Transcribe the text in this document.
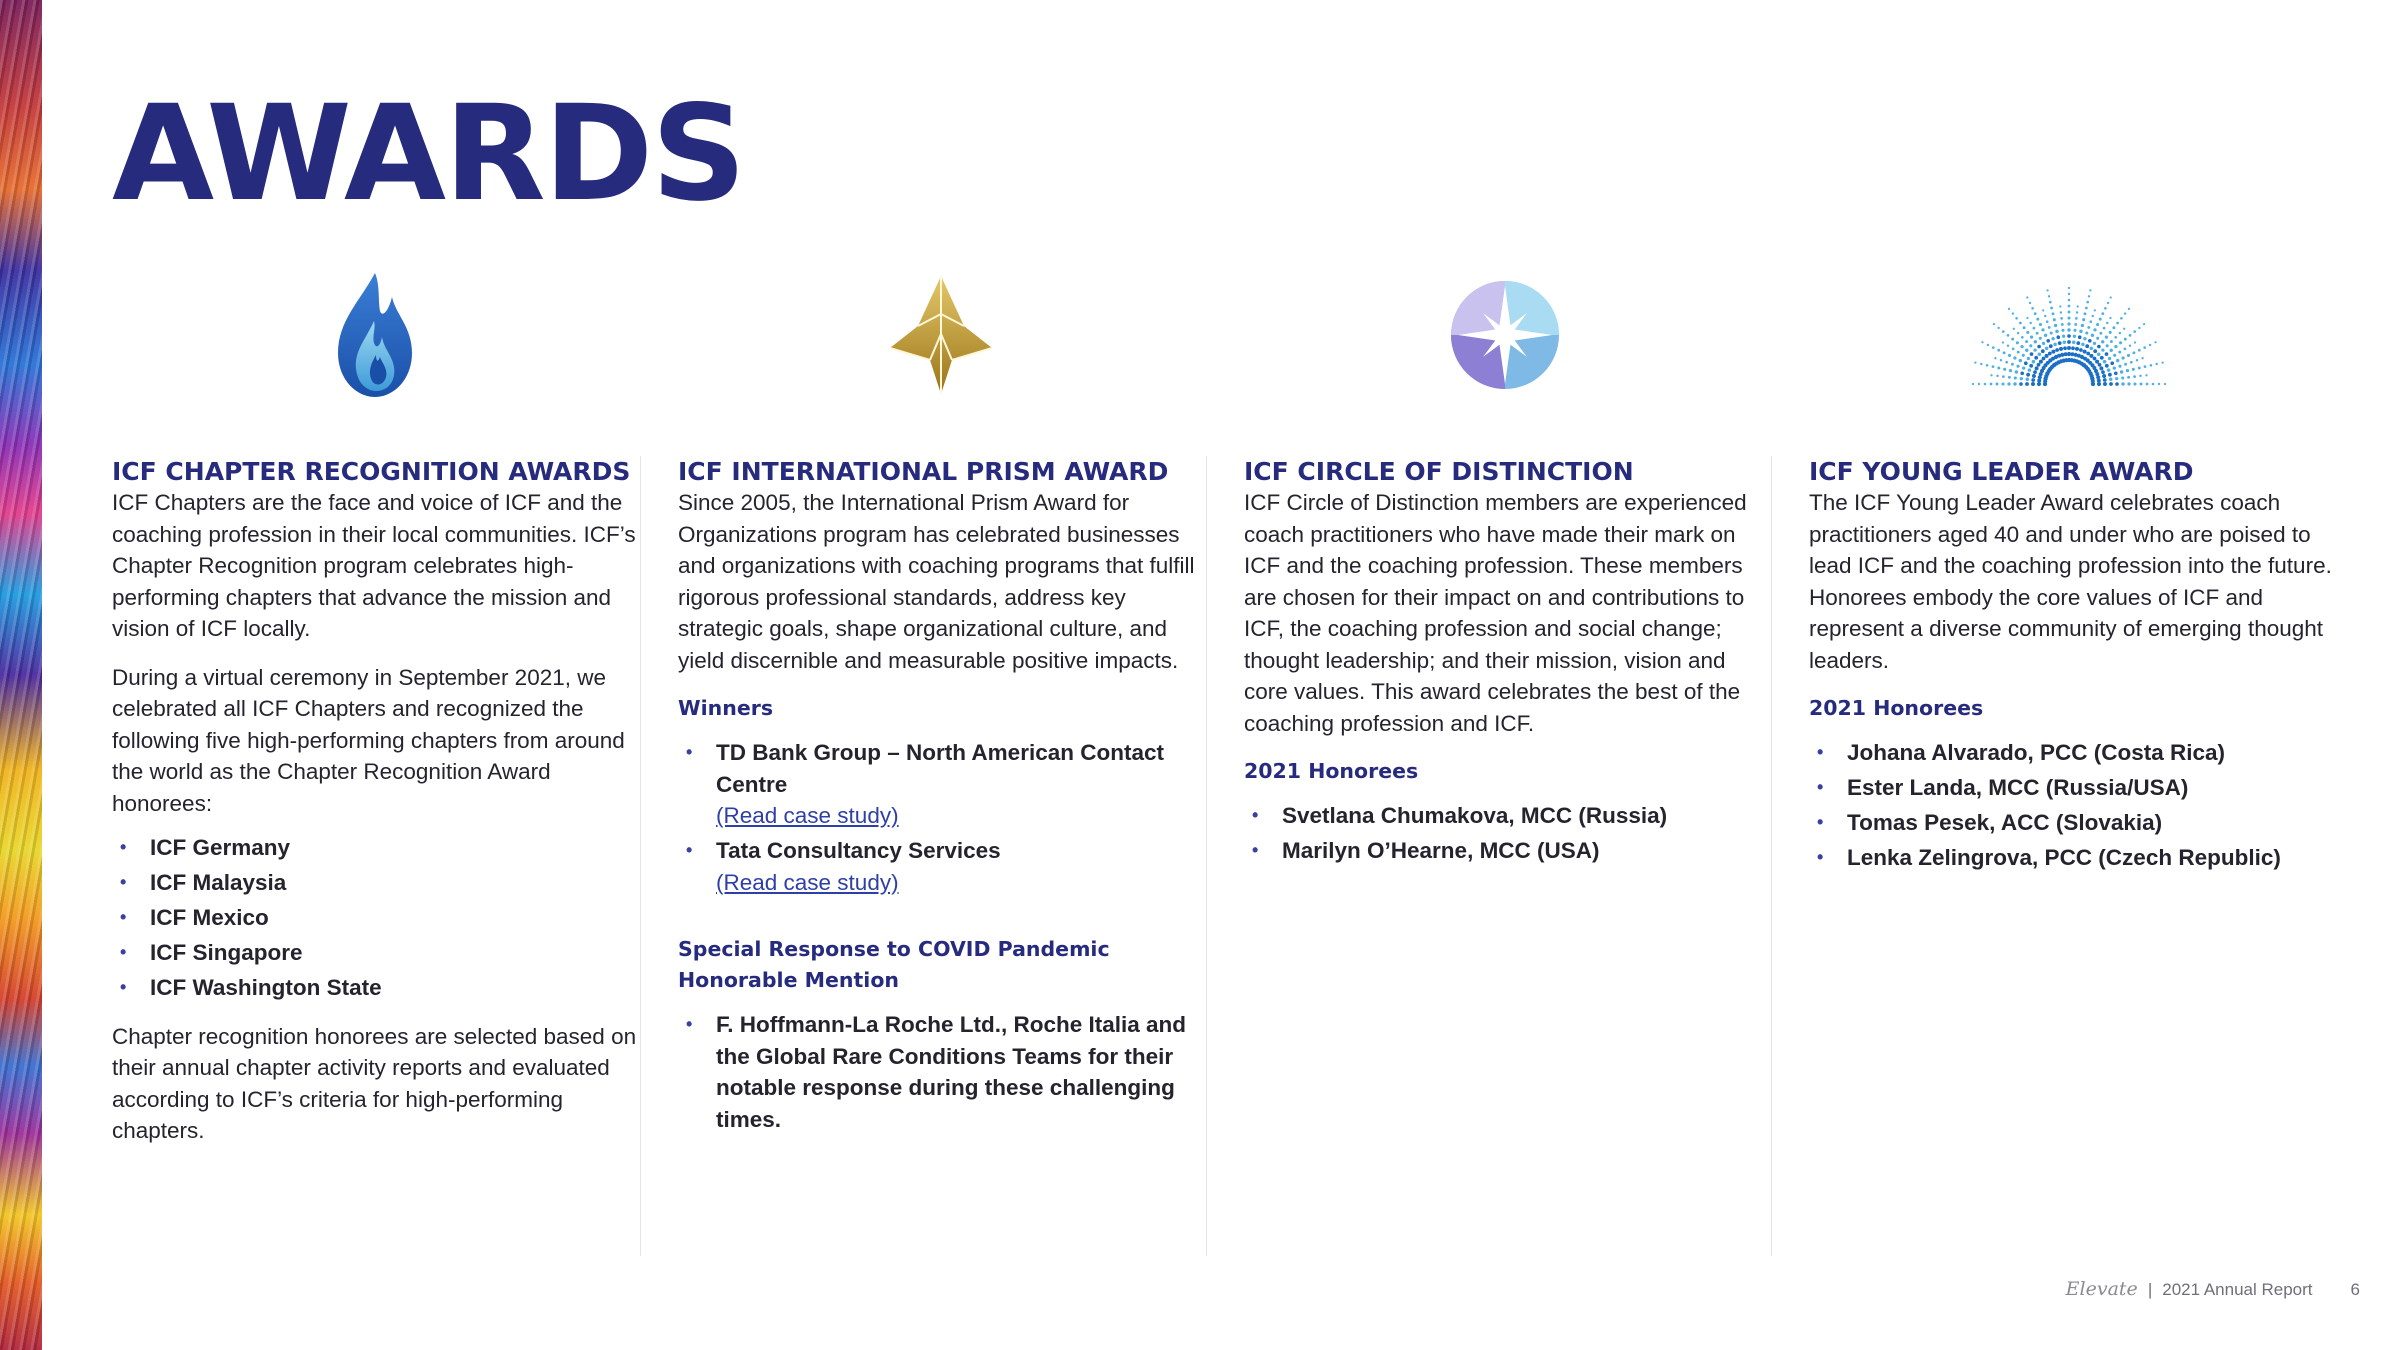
AWARDS
ICF CHAPTER RECOGNITION AWARDS

ICF Chapters are the face and voice of ICF and the coaching profession in their local communities. ICF’s Chapter Recognition program celebrates high-performing chapters that advance the mission and vision of ICF locally.

During a virtual ceremony in September 2021, we celebrated all ICF Chapters and recognized the following five high-performing chapters from around the world as the Chapter Recognition Award honorees:

• ICF Germany
• ICF Malaysia
• ICF Mexico
• ICF Singapore
• ICF Washington State

Chapter recognition honorees are selected based on their annual chapter activity reports and evaluated according to ICF’s criteria for high-performing chapters.

ICF INTERNATIONAL PRISM AWARD

Since 2005, the International Prism Award for Organizations program has celebrated businesses and organizations with coaching programs that fulfill rigorous professional standards, address key strategic goals, shape organizational culture, and yield discernible and measurable positive impacts.

Winners
• TD Bank Group – North American Contact Centre
(Read case study)
• Tata Consultancy Services
(Read case study)
Special Response to COVID Pandemic Honorable Mention
• F. Hoffmann-La Roche Ltd., Roche Italia and the Global Rare Conditions Teams for their notable response during these challenging times.
ICF CIRCLE OF DISTINCTION

ICF Circle of Distinction members are experienced coach practitioners who have made their mark on ICF and the coaching profession. These members are chosen for their impact on and contributions to ICF, the coaching profession and social change; thought leadership; and their mission, vision and core values. This award celebrates the best of the coaching profession and ICF.

2021 Honorees
• Svetlana Chumakova, MCC (Russia)
• Marilyn O’Hearne, MCC (USA)
ICF YOUNG LEADER AWARD

The ICF Young Leader Award celebrates coach practitioners aged 40 and under who are poised to lead ICF and the coaching profession into the future. Honorees embody the core values of ICF and represent a diverse community of emerging thought leaders.

2021 Honorees
• Johana Alvarado, PCC (Costa Rica)
• Ester Landa, MCC (Russia/USA)
• Tomas Pesek, ACC (Slovakia)
• Lenka Zelingrova, PCC (Czech Republic)
Elevate | 2021 Annual Report 6
